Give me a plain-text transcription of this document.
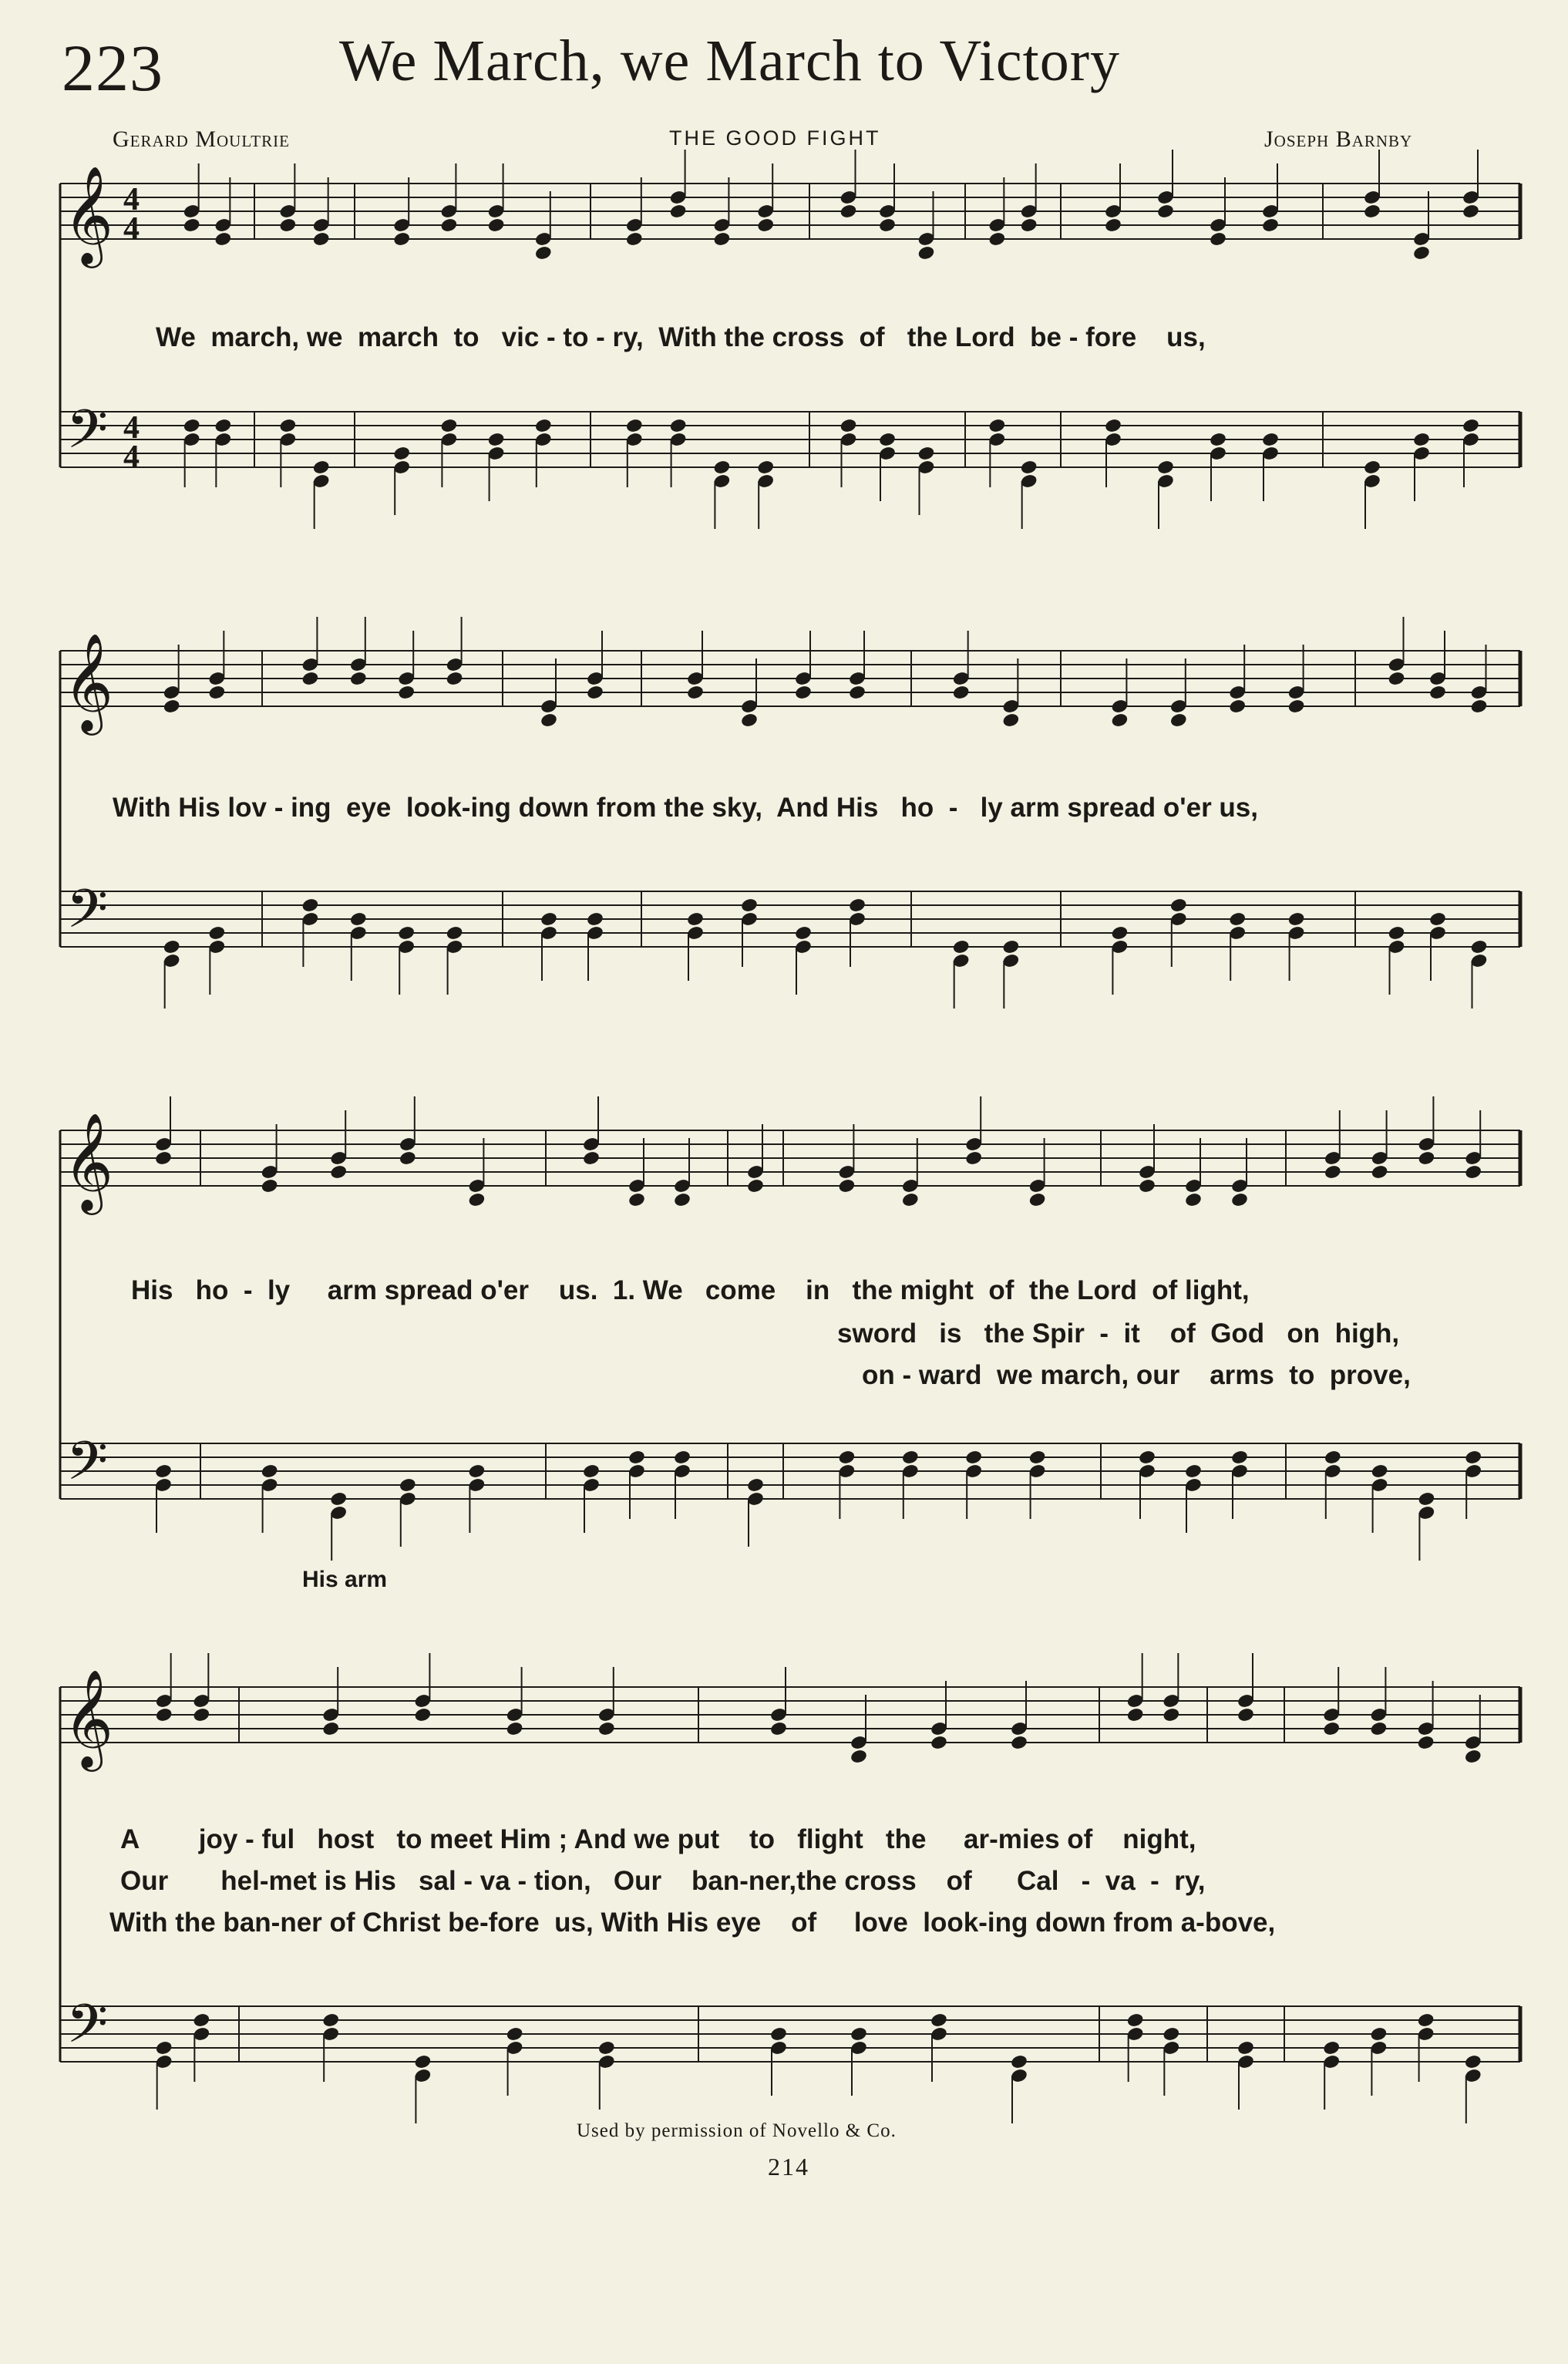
223	We March, we March to Victory
Gerard Moultrie	THE GOOD FIGHT	Joseph Barnby
𝄞
𝄢
4
4
4
4
𝄞
𝄢
𝄞
𝄢
𝄞
𝄢
We  march, we  march  to   vic - to - ry,  With the cross  of   the Lord  be - fore    us,
With His lov - ing  eye  look-ing down from the sky,  And His   ho  -   ly arm spread o'er us,
His   ho  -  ly     arm spread o'er    us.  1. We   come    in   the might  of  the Lord  of light,
sword   is   the Spir  -  it    of  God   on  high,
on - ward  we march, our    arms  to  prove,
His arm
A        joy - ful   host   to meet Him ; And we put    to   flight   the     ar-mies of    night,
Our       hel-met is His   sal - va - tion,   Our    ban-ner,the cross    of      Cal   -  va  -  ry,
With the ban-ner of Christ be-fore  us, With His eye    of     love  look-ing down from a-bove,
Used by permission of Novello & Co.
214
